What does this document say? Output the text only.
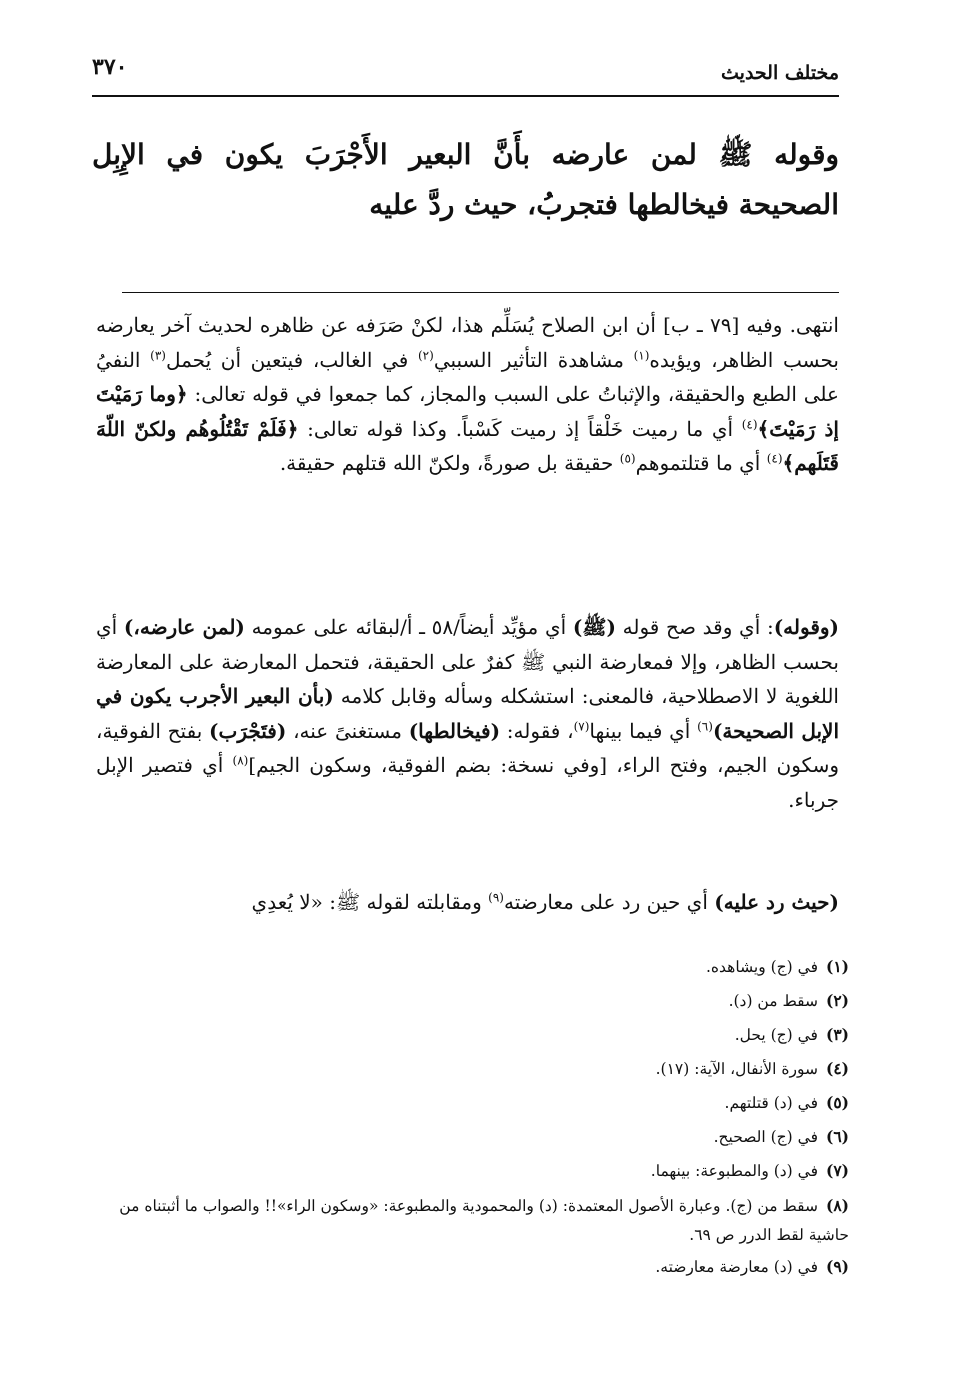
٣٧٠	مختلف الحديث
وقوله ﷺ لمن عارضه بأَنَّ البعير الأَجْرَبَ يكون في الإِبِل الصحيحة فيخالطها فتجربُ، حيث ردَّ عليه
انتهى. وفيه [٧٩ ـ ب] أن ابن الصلاح يُسَلِّم هذا، لكنْ صَرَفه عن ظاهره لحديث آخر يعارضه بحسب الظاهر، ويؤيده$^{(١)}$ مشاهدة التأثير السببي$^{(٢)}$ في الغالب، فيتعين أن يُحمل$^{(٣)}$ النفيُ على الطبع والحقيقة، والإثباتُ على السبب والمجاز، كما جمعوا في قوله تعالى: ﴿وما رَمَيْتَ إذ رَمَيْتَ﴾$^{(٤)}$ أي ما رميت خَلْقاً إذ رميت كَسْباً. وكذا قوله تعالى: ﴿فَلَمْ تَقْتُلُوهُم ولكنّ اللّهَ قَتَلَهم﴾$^{(٤)}$ أي ما قتلتموهم$^{(٥)}$ حقيقة بل صورةً، ولكنّ الله قتلهم حقيقة.
(وقوله): أي وقد صح قوله (ﷺ) أي مؤيِّد أيضاً/٥٨ ـ أ/لبقائه على عمومه (لمن عارضه،) أي بحسب الظاهر، وإلا فمعارضة النبي ﷺ كفرٌ على الحقيقة، فتحمل المعارضة على المعارضة اللغوية لا الاصطلاحية، فالمعنى: استشكله وسأله وقابل كلامه (بأن البعير الأجرب يكون في الإبل الصحيحة)$^{(٦)}$ أي فيما بينها$^{(٧)}$، فقوله: (فيخالطها) مستغنىً عنه، (فتَجْرَب) بفتح الفوقية، وسكون الجيم، وفتح الراء، [وفي نسخة: بضم الفوقية، وسكون الجيم]$^{(٨)}$ أي فتصير الإبل جرباء.
(حيث رد عليه) أي حين رد على معارضته$^{(٩)}$ ومقابلته لقوله ﷺ: «لا يُعدِي
(١)في (ج) ويشاهده.
(٢)سقط من (د).
(٣)في (ج) يحل.
(٤)سورة الأنفال، الآية: (١٧).
(٥)في (د) قتلتهم.
(٦)في (ج) الصحيح.
(٧)في (د) والمطبوعة: بينهما.
(٨)سقط من (ج). وعبارة الأصول المعتمدة: (د) والمحمودية والمطبوعة: «وسكون الراء»!! والصواب ما أثبتناه من حاشية لقط الدرر ص ٦٩.
(٩)في (د) معارضة معارضته.
